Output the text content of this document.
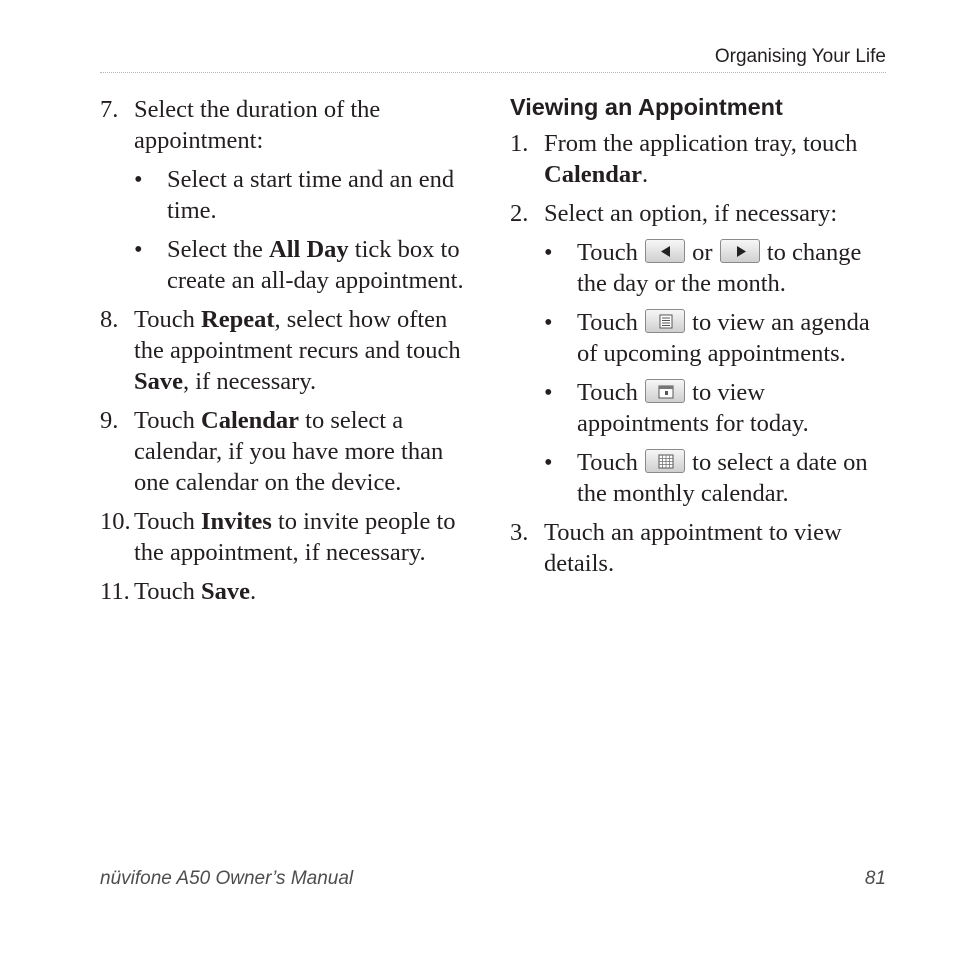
Organising Your Life
7. Select the duration of the appointment:
• Select a start time and an end time.
• Select the All Day tick box to create an all-day appointment.
8. Touch Repeat, select how often the appointment recurs and touch Save, if necessary.
9. Touch Calendar to select a calendar, if you have more than one calendar on the device.
10. Touch Invites to invite people to the appointment, if necessary.
11. Touch Save.
Viewing an Appointment
1. From the application tray, touch Calendar.
2. Select an option, if necessary:
• Touch
or
to change the day or the month.
• Touch
to view an agenda of upcoming appointments.
• Touch
to view appointments for today.
• Touch
to select a date on the monthly calendar.
3. Touch an appointment to view details.
nüvifone A50 Owner’s Manual	81
